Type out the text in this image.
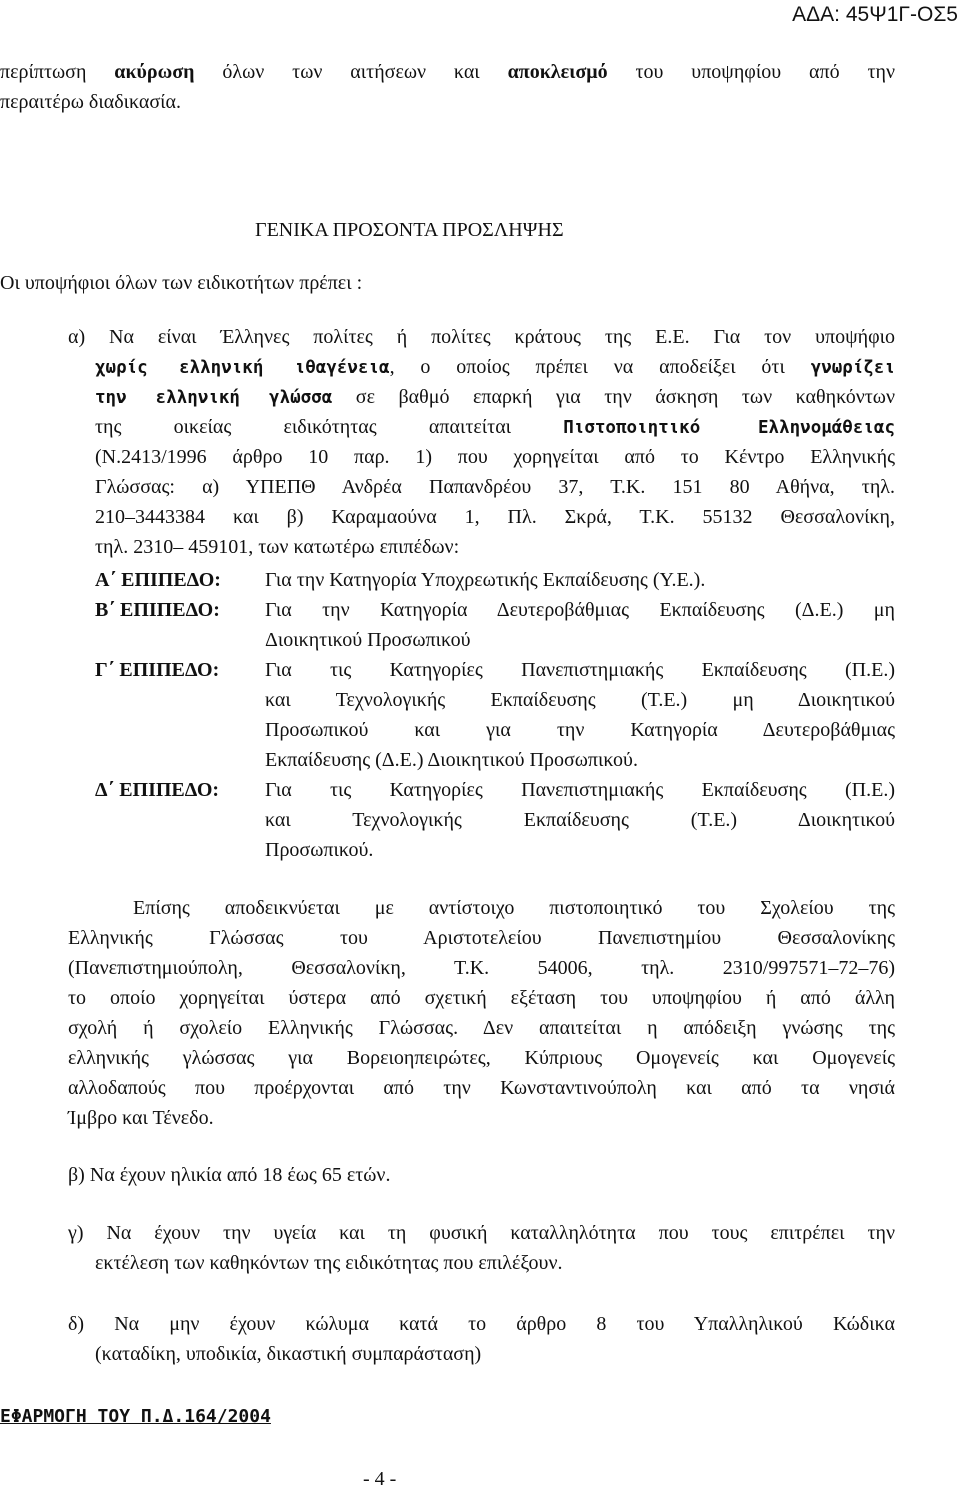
ΑΔΑ: 45Ψ1Γ-ΟΣ5
περίπτωση ακύρωση όλων των αιτήσεων και αποκλεισμό του υποψηφίου από την
περαιτέρω διαδικασία.
ΓΕΝΙΚΑ ΠΡΟΣΟΝΤΑ ΠΡΟΣΛΗΨΗΣ
Οι υποψήφιοι όλων των ειδικοτήτων πρέπει :
α) Να είναι Έλληνες πολίτες ή πολίτες κράτους της Ε.Ε. Για τον υποψήφιο
χωρίς ελληνική ιθαγένεια, ο οποίος πρέπει να αποδείξει ότι γνωρίζει
την ελληνική γλώσσα σε βαθμό επαρκή για την άσκηση των καθηκόντων
της οικείας ειδικότητας απαιτείται Πιστοποιητικό Ελληνομάθειας
(Ν.2413/1996 άρθρο 10 παρ. 1) που χορηγείται από το Κέντρο Ελληνικής
Γλώσσας: α) ΥΠΕΠΘ Ανδρέα Παπανδρέου 37, Τ.Κ. 151 80 Αθήνα, τηλ.
210–3443384 και β) Καραμαούνα 1, Πλ. Σκρά, Τ.Κ. 55132 Θεσσαλονίκη,
τηλ. 2310– 459101, των κατωτέρω επιπέδων:
Α΄ ΕΠΙΠΕΔΟ: Για την Κατηγορία Υποχρεωτικής Εκπαίδευσης (Υ.Ε.).
Β΄ ΕΠΙΠΕΔΟ: Για την Κατηγορία Δευτεροβάθμιας Εκπαίδευσης (Δ.Ε.) μη
Διοικητικού Προσωπικού
Γ΄ ΕΠΙΠΕΔΟ: Για τις Κατηγορίες Πανεπιστημιακής Εκπαίδευσης (Π.Ε.)
και Τεχνολογικής Εκπαίδευσης (Τ.Ε.) μη Διοικητικού
Προσωπικού και για την Κατηγορία Δευτεροβάθμιας
Εκπαίδευσης (Δ.Ε.) Διοικητικού Προσωπικού.
Δ΄ ΕΠΙΠΕΔΟ: Για τις Κατηγορίες Πανεπιστημιακής Εκπαίδευσης (Π.Ε.)
και Τεχνολογικής Εκπαίδευσης (Τ.Ε.) Διοικητικού
Προσωπικού.
Επίσης αποδεικνύεται με αντίστοιχο πιστοποιητικό του Σχολείου της
Ελληνικής Γλώσσας του Αριστοτελείου Πανεπιστημίου Θεσσαλονίκης
(Πανεπιστημιούπολη, Θεσσαλονίκη, Τ.Κ. 54006, τηλ. 2310/997571–72–76)
το οποίο χορηγείται ύστερα από σχετική εξέταση του υποψηφίου ή από άλλη
σχολή ή σχολείο Ελληνικής Γλώσσας. Δεν απαιτείται η απόδειξη γνώσης της
ελληνικής γλώσσας για Βορειοηπειρώτες, Κύπριους Ομογενείς και Ομογενείς
αλλοδαπούς που προέρχονται από την Κωνσταντινούπολη και από τα νησιά
Ίμβρο και Τένεδο.
β) Να έχουν ηλικία από 18 έως 65 ετών.
γ) Να έχουν την υγεία και τη φυσική καταλληλότητα που τους επιτρέπει την
εκτέλεση των καθηκόντων της ειδικότητας που επιλέξουν.
δ) Να μην έχουν κώλυμα κατά το άρθρο 8 του Υπαλληλικού Κώδικα
(καταδίκη, υποδικία, δικαστική συμπαράσταση)
ΕΦΑΡΜΟΓΗ ΤΟΥ Π.Δ.164/2004
- 4 -
